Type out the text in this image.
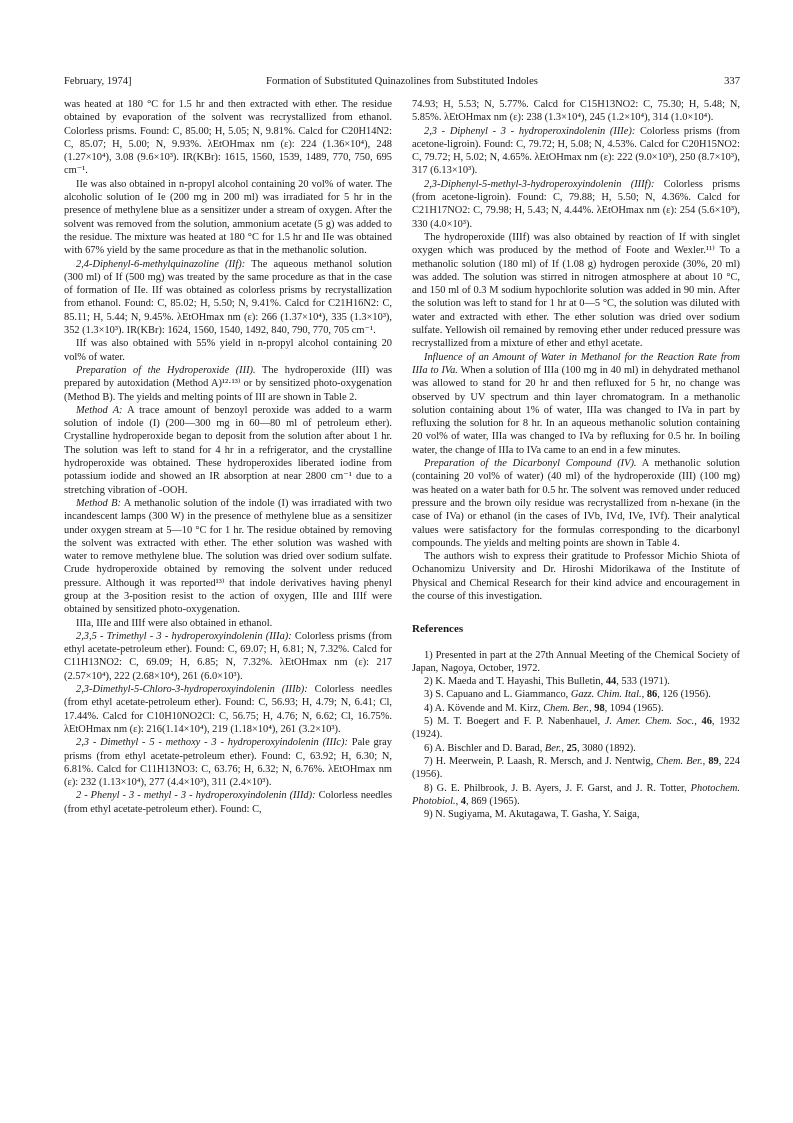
February, 1974]	Formation of Substituted Quinazolines from Substituted Indoles	337

was heated at 180 °C for 1.5 hr and then extracted with ether. The residue obtained by evaporation of the solvent was recrystallized from ethanol. Colorless prisms. Found: C, 85.00; H, 5.05; N, 9.81%. Calcd for C20H14N2: C, 85.07; H, 5.00; N, 9.93%. λEtOHmax nm (ε): 224 (1.36×10⁴), 248 (1.27×10⁴), 3.08 (9.6×10³). IR(KBr): 1615, 1560, 1539, 1489, 770, 750, 695 cm⁻¹.

IIe was also obtained in n-propyl alcohol containing 20 vol% of water. The alcoholic solution of Ie (200 mg in 200 ml) was irradiated for 5 hr in the presence of methylene blue as a sensitizer under a stream of oxygen. After the solvent was removed from the solution, ammonium acetate (5 g) was added to the residue. The mixture was heated at 180 °C for 1.5 hr and IIe was obtained with 67% yield by the same procedure as that in the methanolic solution.

2,4-Diphenyl-6-methylquinazoline (IIf): The aqueous methanol solution (300 ml) of If (500 mg) was treated by the same procedure as that in the case of formation of IIe. IIf was obtained as colorless prisms by recrystallization from ethanol. Found: C, 85.02; H, 5.50; N, 9.41%. Calcd for C21H16N2: C, 85.11; H, 5.44; N, 9.45%. λEtOHmax nm (ε): 266 (1.37×10⁴), 335 (1.3×10³), 352 (1.3×10³). IR(KBr): 1624, 1560, 1540, 1492, 840, 790, 770, 705 cm⁻¹.

IIf was also obtained with 55% yield in n-propyl alcohol containing 20 vol% of water.

Preparation of the Hydroperoxide (III). The hydroperoxide (III) was prepared by autoxidation (Method A)¹²·¹³⁾ or by sensitized photo-oxygenation (Method B). The yields and melting points of III are shown in Table 2.

Method A: A trace amount of benzoyl peroxide was added to a warm solution of indole (I) (200—300 mg in 60—80 ml of petroleum ether). Crystalline hydroperoxide began to deposit from the solution after about 1 hr. The solution was left to stand for 4 hr in a refrigerator, and the crystalline hydroperoxide was obtained. These hydroperoxides liberated iodine from potassium iodide and showed an IR absorption at near 2800 cm⁻¹ due to a stretching vibration of -OOH.

Method B: A methanolic solution of the indole (I) was irradiated with two incandescent lamps (300 W) in the presence of methylene blue as a sensitizer under oxygen stream at 5—10 °C for 1 hr. The residue obtained by removing the solvent was extracted with ether. The ether solution was washed with water to remove methylene blue. The solution was dried over sodium sulfate. Crude hydroperoxide obtained by removing the solvent under reduced pressure. Although it was reported¹³⁾ that indole derivatives having phenyl group at the 3-position resist to the action of oxygen, IIIe and IIIf were obtained by sensitized photo-oxygenation.

IIIa, IIIe and IIIf were also obtained in ethanol.

2,3,5 - Trimethyl - 3 - hydroperoxyindolenin (IIIa): Colorless prisms (from ethyl acetate-petroleum ether). Found: C, 69.07; H, 6.81; N, 7.32%. Calcd for C11H13NO2: C, 69.09; H, 6.85; N, 7.32%. λEtOHmax nm (ε): 217 (2.57×10⁴), 222 (2.68×10⁴), 261 (6.0×10³).

2,3-Dimethyl-5-Chloro-3-hydroperoxyindolenin (IIIb): Colorless needles (from ethyl acetate-petroleum ether). Found: C, 56.93; H, 4.79; N, 6.41; Cl, 17.44%. Calcd for C10H10NO2Cl: C, 56.75; H, 4.76; N, 6.62; Cl, 16.75%. λEtOHmax nm (ε): 216(1.14×10⁴), 219 (1.18×10⁴), 261 (3.2×10³).

2,3 - Dimethyl - 5 - methoxy - 3 - hydroperoxyindolenin (IIIc): Pale gray prisms (from ethyl acetate-petroleum ether). Found: C, 63.92; H, 6.30; N, 6.81%. Calcd for C11H13NO3: C, 63.76; H, 6.32; N, 6.76%. λEtOHmax nm (ε): 232 (1.13×10⁴), 277 (4.4×10³), 311 (2.4×10³).

2 - Phenyl - 3 - methyl - 3 - hydroperoxyindolenin (IIId): Colorless needles (from ethyl acetate-petroleum ether). Found: C,

74.93; H, 5.53; N, 5.77%. Calcd for C15H13NO2: C, 75.30; H, 5.48; N, 5.85%. λEtOHmax nm (ε): 238 (1.3×10⁴), 245 (1.2×10⁴), 314 (1.0×10⁴).

2,3 - Diphenyl - 3 - hydroperoxindolenin (IIIe): Colorless prisms (from acetone-ligroin). Found: C, 79.72; H, 5.08; N, 4.53%. Calcd for C20H15NO2: C, 79.72; H, 5.02; N, 4.65%. λEtOHmax nm (ε): 222 (9.0×10³), 250 (8.7×10³), 317 (6.13×10³).

2,3-Diphenyl-5-methyl-3-hydroperoxyindolenin (IIIf): Colorless prisms (from acetone-ligroin). Found: C, 79.88; H, 5.50; N, 4.36%. Calcd for C21H17NO2: C, 79.98; H, 5.43; N, 4.44%. λEtOHmax nm (ε): 254 (5.6×10³), 330 (4.0×10³).

The hydroperoxide (IIIf) was also obtained by reaction of If with singlet oxygen which was produced by the method of Foote and Wexler.¹¹⁾ To a methanolic solution (180 ml) of If (1.08 g) hydrogen peroxide (30%, 20 ml) was added. The solution was stirred in nitrogen atmosphere at about 10 °C, and 150 ml of 0.3 M sodium hypochlorite solution was added in 90 min. After the solution was left to stand for 1 hr at 0—5 °C, the solution was diluted with water and extracted with ether. The ether solution was dried over sodium sulfate. Yellowish oil remained by removing ether under reduced pressure was recrystallized from a mixture of ether and ethyl acetate.

Influence of an Amount of Water in Methanol for the Reaction Rate from IIIa to IVa. When a solution of IIIa (100 mg in 40 ml) in dehydrated methanol was allowed to stand for 20 hr and then refluxed for 5 hr, no change was observed by UV spectrum and thin layer chromatogram. In a methanolic solution containing about 1% of water, IIIa was changed to IVa in part by refluxing the solution for 8 hr. In an aqueous methanolic solution containing 20 vol% of water, IIIa was changed to IVa by refluxing for 0.5 hr. In boiling water, the change of IIIa to IVa came to an end in a few minutes.

Preparation of the Dicarbonyl Compound (IV). A methanolic solution (containing 20 vol% of water) (40 ml) of the hydroperoxide (III) (100 mg) was heated on a water bath for 0.5 hr. The solvent was removed under reduced pressure and the brown oily residue was recrystallized from n-hexane (in the case of IVa) or ethanol (in the cases of IVb, IVd, IVe, IVf). Their analytical values were satisfactory for the formulas corresponding to the dicarbonyl compounds. The yields and melting points are shown in Table 4.

The authors wish to express their gratitude to Professor Michio Shiota of Ochanomizu University and Dr. Hiroshi Midorikawa of the Institute of Physical and Chemical Research for their kind advice and encouragement in the course of this investigation.

References

1) Presented in part at the 27th Annual Meeting of the Chemical Society of Japan, Nagoya, October, 1972.

2) K. Maeda and T. Hayashi, This Bulletin, 44, 533 (1971).

3) S. Capuano and L. Giammanco, Gazz. Chim. Ital., 86, 126 (1956).

4) A. Kövende and M. Kirz, Chem. Ber., 98, 1094 (1965).

5) M. T. Boegert and F. P. Nabenhauel, J. Amer. Chem. Soc., 46, 1932 (1924).

6) A. Bischler and D. Barad, Ber., 25, 3080 (1892).

7) H. Meerwein, P. Laash, R. Mersch, and J. Nentwig, Chem. Ber., 89, 224 (1956).

8) G. E. Philbrook, J. B. Ayers, J. F. Garst, and J. R. Totter, Photochem. Photobiol., 4, 869 (1965).

9) N. Sugiyama, M. Akutagawa, T. Gasha, Y. Saiga,
